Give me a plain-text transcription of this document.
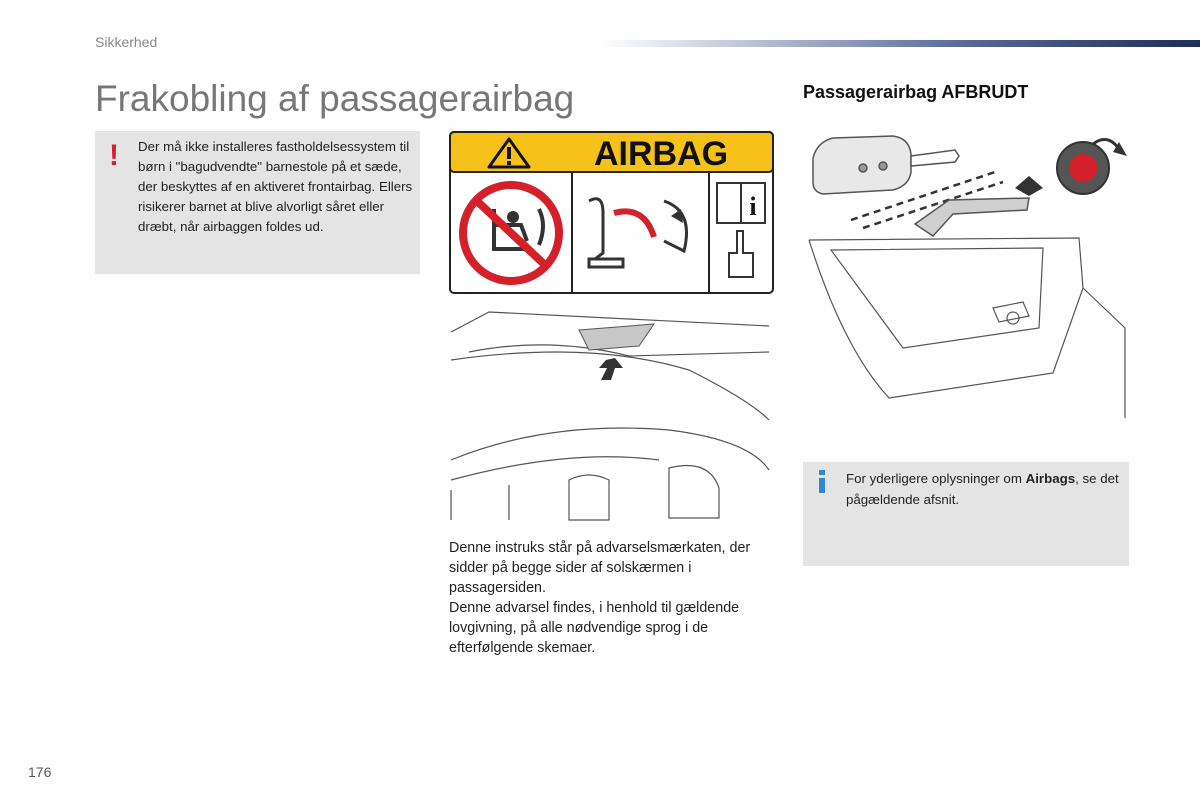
Sikkerhed
Frakobling af passagerairbag
! Der må ikke installeres fastholdelsessystem til børn i "bagudvendte" barnestole på et sæde, der beskyttes af en aktiveret frontairbag. Ellers risikerer barnet at blive alvorligt såret eller dræbt, når airbaggen foldes ud.
AIRBAG
i

Denne instruks står på advarselsmærkaten, der sidder på begge sider af solskærmen i passagersiden.

Denne advarsel findes, i henhold til gældende lovgivning, på alle nødvendige sprog i de efterfølgende skemaer.

Passagerairbag AFBRUDT
For yderligere oplysninger om Airbags, se det pågældende afsnit.
176
